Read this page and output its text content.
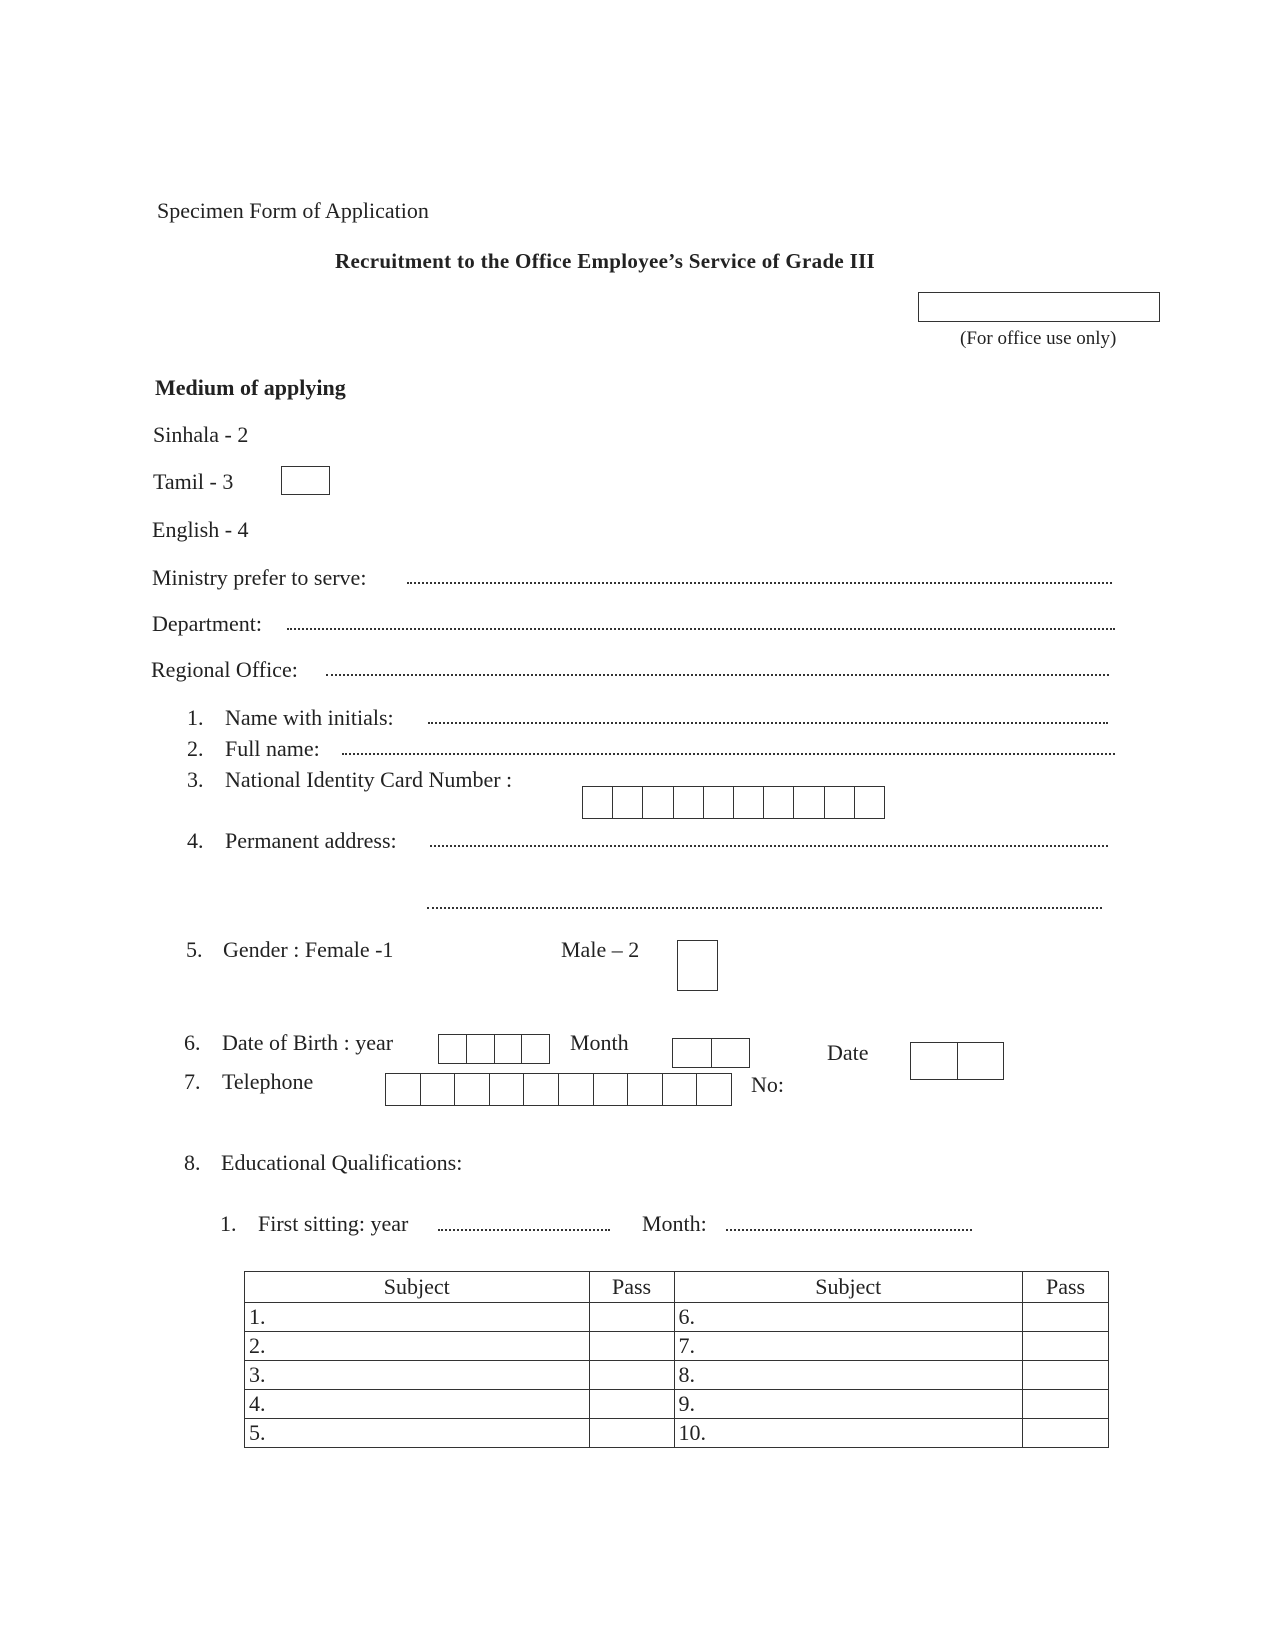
Specimen Form of Application
Recruitment to the Office Employee’s Service of Grade III
(For office use only)
Medium of applying
Sinhala - 2
Tamil - 3
English - 4
Ministry prefer to serve:
Department:
Regional Office:
1. Name with initials:
2. Full name:
3. National Identity Card Number :
4. Permanent address:
5. Gender : Female -1	Male – 2
6. Date of Birth : year	Month	Date
7. Telephone	No:
8. Educational Qualifications:
1. First sitting: year	Month:
Subject	Pass	Subject	Pass
1.		6.	
2.		7.	
3.		8.	
4.		9.	
5.		10.	
